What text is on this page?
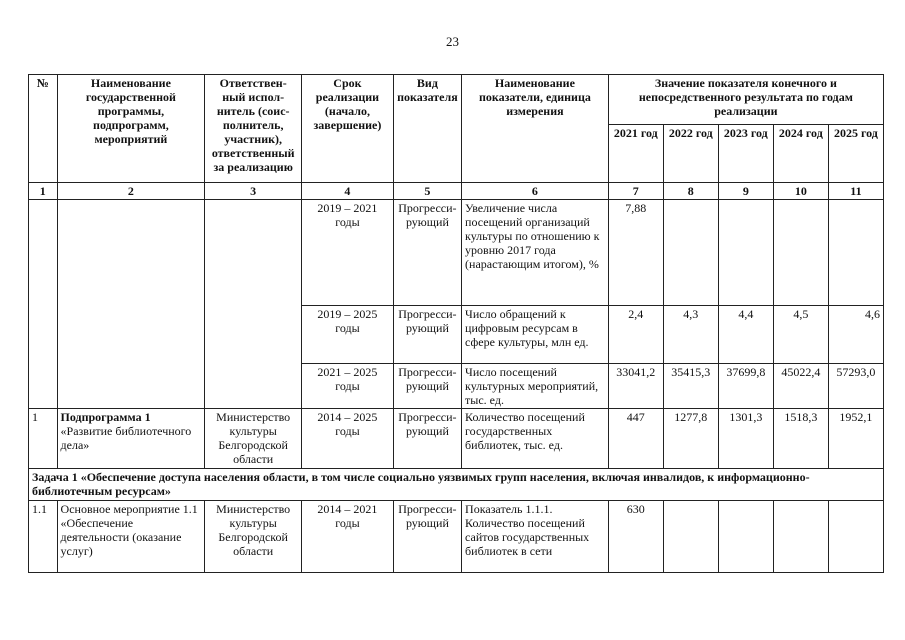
23
№	Наименование государственной программы, подпрограмм, мероприятий	Ответствен-ный испол-нитель (соис-полнитель, участник), ответственный за реализацию	Срок реализации (начало, завершение)	Вид показателя	Наименование показатели, единица измерения	Значение показателя конечного и непосредственного результата по годам реализации				
						2021 год	2022 год	2023 год	2024 год	2025 год
1	2	3	4	5	6	7	8	9	10	11
			2019 – 2021 годы	Прогресси-рующий	Увеличение числа посещений организаций культуры по отношению к уровню 2017 года (нарастающим итогом), %	7,88				
			2019 – 2025 годы	Прогресси-рующий	Число обращений к цифровым ресурсам в сфере культуры, млн ед.	2,4	4,3	4,4	4,5	4,6
			2021 – 2025 годы	Прогресси-рующий	Число посещений культурных мероприятий, тыс. ед.	33041,2	35415,3	37699,8	45022,4	57293,0
1	Подпрограмма 1 «Развитие библиотечного дела»	Министерство культуры Белгородской области	2014 – 2025 годы	Прогресси-рующий	Количество посещений государственных библиотек, тыс. ед.	447	1277,8	1301,3	1518,3	1952,1
Задача 1 «Обеспечение доступа населения области, в том числе социально уязвимых групп населения, включая инвалидов, к информационно-библиотечным ресурсам»										
1.1	Основное мероприятие 1.1 «Обеспечение деятельности (оказание услуг)	Министерство культуры Белгородской области	2014 – 2021 годы	Прогресси-рующий	Показатель 1.1.1. Количество посещений сайтов государственных библиотек в сети	630				
